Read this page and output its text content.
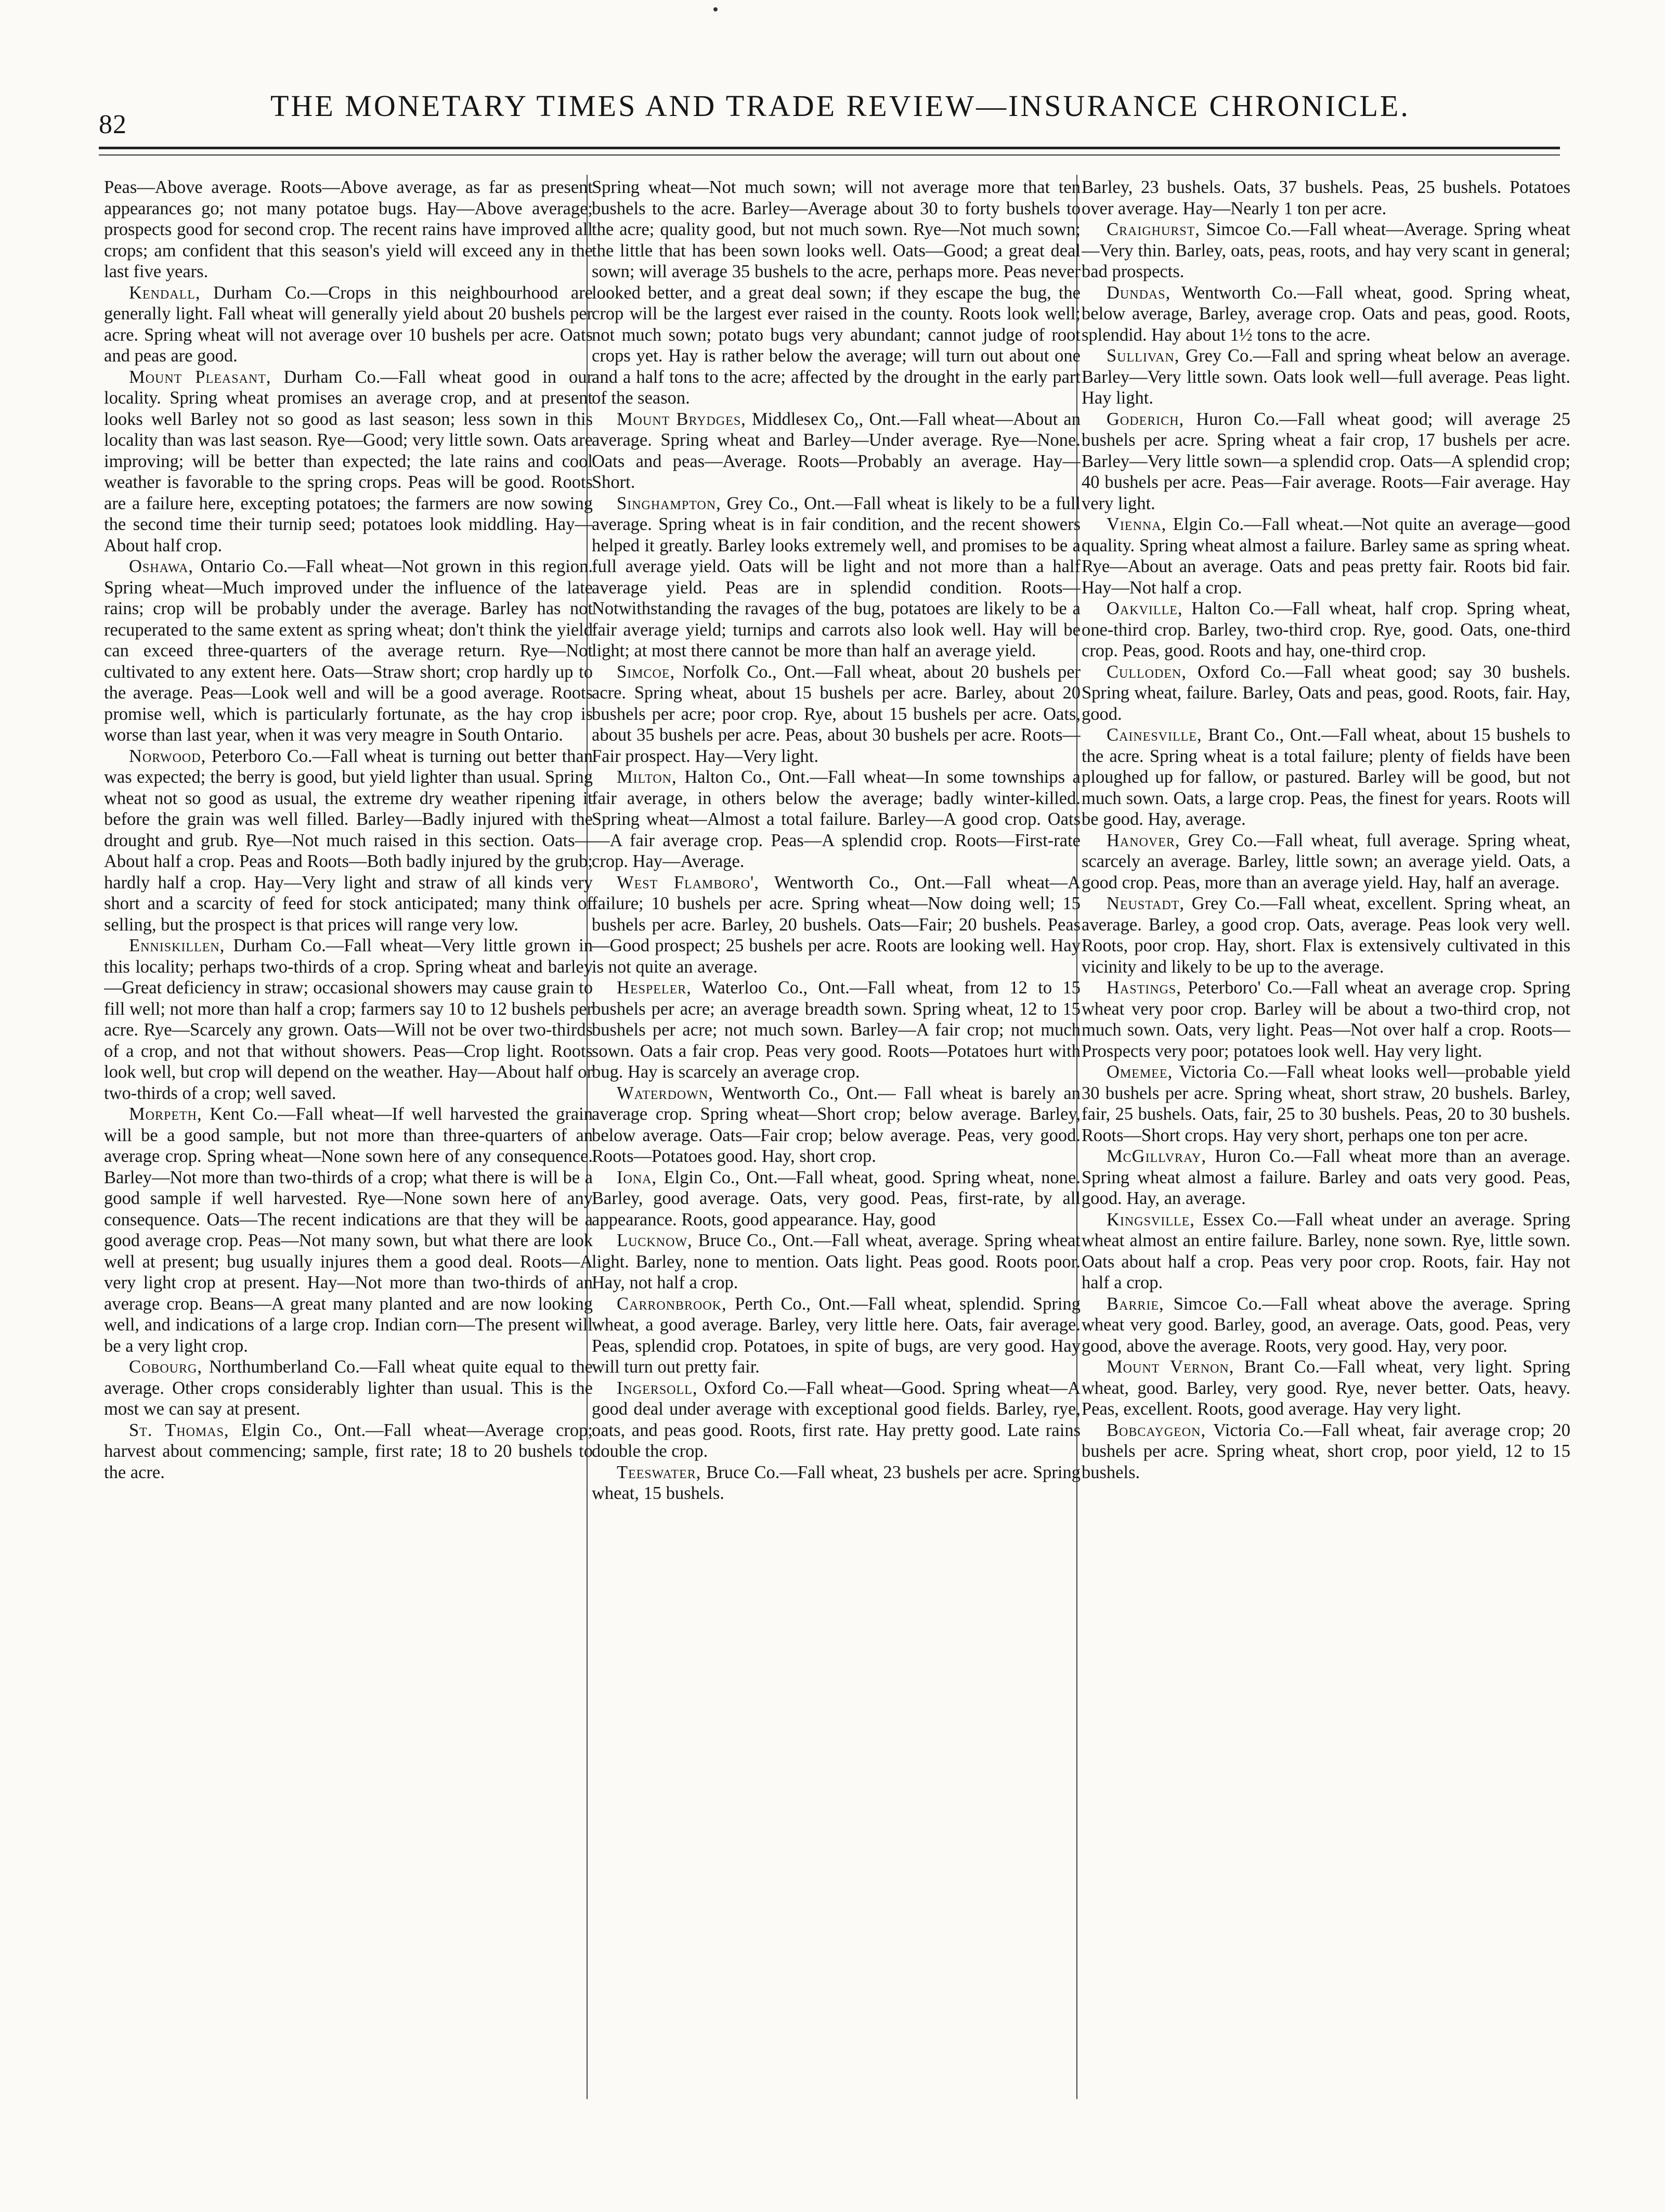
82
THE MONETARY TIMES AND TRADE REVIEW—INSURANCE CHRONICLE.

Peas—Above average. Roots—Above average, as far as present appearances go; not many potatoe bugs. Hay—Above average; prospects good for second crop. The recent rains have improved all crops; am confident that this season's yield will exceed any in the last five years.

Kendall, Durham Co.—Crops in this neighbourhood are generally light. Fall wheat will generally yield about 20 bushels per acre. Spring wheat will not average over 10 bushels per acre. Oats and peas are good.

Mount Pleasant, Durham Co.—Fall wheat good in our locality. Spring wheat promises an average crop, and at present looks well Barley not so good as last season; less sown in this locality than was last season. Rye—Good; very little sown. Oats are improving; will be better than expected; the late rains and cool weather is favorable to the spring crops. Peas will be good. Roots are a failure here, excepting potatoes; the farmers are now sowing the second time their turnip seed; potatoes look middling. Hay—About half crop.

Oshawa, Ontario Co.—Fall wheat—Not grown in this region. Spring wheat—Much improved under the influence of the late rains; crop will be probably under the average. Barley has not recuperated to the same extent as spring wheat; don't think the yield can exceed three-quarters of the average return. Rye—Not cultivated to any extent here. Oats—Straw short; crop hardly up to the average. Peas—Look well and will be a good average. Roots promise well, which is particularly fortunate, as the hay crop is worse than last year, when it was very meagre in South Ontario.

Norwood, Peterboro Co.—Fall wheat is turning out better than was expected; the berry is good, but yield lighter than usual. Spring wheat not so good as usual, the extreme dry weather ripening it before the grain was well filled. Barley—Badly injured with the drought and grub. Rye—Not much raised in this section. Oats—About half a crop. Peas and Roots—Both badly injured by the grub; hardly half a crop. Hay—Very light and straw of all kinds very short and a scarcity of feed for stock anticipated; many think of selling, but the prospect is that prices will range very low.

Enniskillen, Durham Co.—Fall wheat—Very little grown in this locality; perhaps two-thirds of a crop. Spring wheat and barley—Great deficiency in straw; occasional showers may cause grain to fill well; not more than half a crop; farmers say 10 to 12 bushels per acre. Rye—Scarcely any grown. Oats—Will not be over two-thirds of a crop, and not that without showers. Peas—Crop light. Roots look well, but crop will depend on the weather. Hay—About half or two-thirds of a crop; well saved.

Morpeth, Kent Co.—Fall wheat—If well harvested the grain will be a good sample, but not more than three-quarters of an average crop. Spring wheat—None sown here of any consequence. Barley—Not more than two-thirds of a crop; what there is will be a good sample if well harvested. Rye—None sown here of any consequence. Oats—The recent indications are that they will be a good average crop. Peas—Not many sown, but what there are look well at present; bug usually injures them a good deal. Roots—A very light crop at present. Hay—Not more than two-thirds of an average crop. Beans—A great many planted and are now looking well, and indications of a large crop. Indian corn—The present will be a very light crop.

Cobourg, Northumberland Co.—Fall wheat quite equal to the average. Other crops considerably lighter than usual. This is the most we can say at present.

St. Thomas, Elgin Co., Ont.—Fall wheat—Average crop; harvest about commencing; sample, first rate; 18 to 20 bushels to the acre.

Spring wheat—Not much sown; will not average more that ten bushels to the acre. Barley—Average about 30 to forty bushels to the acre; quality good, but not much sown. Rye—Not much sown; the little that has been sown looks well. Oats—Good; a great deal sown; will average 35 bushels to the acre, perhaps more. Peas never looked better, and a great deal sown; if they escape the bug, the crop will be the largest ever raised in the county. Roots look well; not much sown; potato bugs very abundant; cannot judge of root crops yet. Hay is rather below the average; will turn out about one and a half tons to the acre; affected by the drought in the early part of the season.

Mount Brydges, Middlesex Co,, Ont.—Fall wheat—About an average. Spring wheat and Barley—Under average. Rye—None. Oats and peas—Average. Roots—Probably an average. Hay—Short.

Singhampton, Grey Co., Ont.—Fall wheat is likely to be a full average. Spring wheat is in fair condition, and the recent showers helped it greatly. Barley looks extremely well, and promises to be a full average yield. Oats will be light and not more than a half average yield. Peas are in splendid condition. Roots—Notwithstanding the ravages of the bug, potatoes are likely to be a fair average yield; turnips and carrots also look well. Hay will be light; at most there cannot be more than half an average yield.

Simcoe, Norfolk Co., Ont.—Fall wheat, about 20 bushels per acre. Spring wheat, about 15 bushels per acre. Barley, about 20 bushels per acre; poor crop. Rye, about 15 bushels per acre. Oats, about 35 bushels per acre. Peas, about 30 bushels per acre. Roots—Fair prospect. Hay—Very light.

Milton, Halton Co., Ont.—Fall wheat—In some townships a fair average, in others below the average; badly winter-killed. Spring wheat—Almost a total failure. Barley—A good crop. Oats—A fair average crop. Peas—A splendid crop. Roots—First-rate crop. Hay—Average.

West Flamboro', Wentworth Co., Ont.—Fall wheat—A failure; 10 bushels per acre. Spring wheat—Now doing well; 15 bushels per acre. Barley, 20 bushels. Oats—Fair; 20 bushels. Peas—Good prospect; 25 bushels per acre. Roots are looking well. Hay is not quite an average.

Hespeler, Waterloo Co., Ont.—Fall wheat, from 12 to 15 bushels per acre; an average breadth sown. Spring wheat, 12 to 15 bushels per acre; not much sown. Barley—A fair crop; not much sown. Oats a fair crop. Peas very good. Roots—Potatoes hurt with bug. Hay is scarcely an average crop.

Waterdown, Wentworth Co., Ont.— Fall wheat is barely an average crop. Spring wheat—Short crop; below average. Barley, below average. Oats—Fair crop; below average. Peas, very good. Roots—Potatoes good. Hay, short crop.

Iona, Elgin Co., Ont.—Fall wheat, good. Spring wheat, none. Barley, good average. Oats, very good. Peas, first-rate, by all appearance. Roots, good appearance. Hay, good

Lucknow, Bruce Co., Ont.—Fall wheat, average. Spring wheat light. Barley, none to mention. Oats light. Peas good. Roots poor. Hay, not half a crop.

Carronbrook, Perth Co., Ont.—Fall wheat, splendid. Spring wheat, a good average. Barley, very little here. Oats, fair average. Peas, splendid crop. Potatoes, in spite of bugs, are very good. Hay will turn out pretty fair.

Ingersoll, Oxford Co.—Fall wheat—Good. Spring wheat—A good deal under average with exceptional good fields. Barley, rye, oats, and peas good. Roots, first rate. Hay pretty good. Late rains double the crop.

Teeswater, Bruce Co.—Fall wheat, 23 bushels per acre. Spring wheat, 15 bushels.

Barley, 23 bushels. Oats, 37 bushels. Peas, 25 bushels. Potatoes over average. Hay—Nearly 1 ton per acre.

Craighurst, Simcoe Co.—Fall wheat—Average. Spring wheat—Very thin. Barley, oats, peas, roots, and hay very scant in general; bad prospects.

Dundas, Wentworth Co.—Fall wheat, good. Spring wheat, below average, Barley, average crop. Oats and peas, good. Roots, splendid. Hay about 1½ tons to the acre.

Sullivan, Grey Co.—Fall and spring wheat below an average. Barley—Very little sown. Oats look well—full average. Peas light. Hay light.

Goderich, Huron Co.—Fall wheat good; will average 25 bushels per acre. Spring wheat a fair crop, 17 bushels per acre. Barley—Very little sown—a splendid crop. Oats—A splendid crop; 40 bushels per acre. Peas—Fair average. Roots—Fair average. Hay very light.

Vienna, Elgin Co.—Fall wheat.—Not quite an average—good quality. Spring wheat almost a failure. Barley same as spring wheat. Rye—About an average. Oats and peas pretty fair. Roots bid fair. Hay—Not half a crop.

Oakville, Halton Co.—Fall wheat, half crop. Spring wheat, one-third crop. Barley, two-third crop. Rye, good. Oats, one-third crop. Peas, good. Roots and hay, one-third crop.

Culloden, Oxford Co.—Fall wheat good; say 30 bushels. Spring wheat, failure. Barley, Oats and peas, good. Roots, fair. Hay, good.

Cainesville, Brant Co., Ont.—Fall wheat, about 15 bushels to the acre. Spring wheat is a total failure; plenty of fields have been ploughed up for fallow, or pastured. Barley will be good, but not much sown. Oats, a large crop. Peas, the finest for years. Roots will be good. Hay, average.

Hanover, Grey Co.—Fall wheat, full average. Spring wheat, scarcely an average. Barley, little sown; an average yield. Oats, a good crop. Peas, more than an average yield. Hay, half an average.

Neustadt, Grey Co.—Fall wheat, excellent. Spring wheat, an average. Barley, a good crop. Oats, average. Peas look very well. Roots, poor crop. Hay, short. Flax is extensively cultivated in this vicinity and likely to be up to the average.

Hastings, Peterboro' Co.—Fall wheat an average crop. Spring wheat very poor crop. Barley will be about a two-third crop, not much sown. Oats, very light. Peas—Not over half a crop. Roots—Prospects very poor; potatoes look well. Hay very light.

Omemee, Victoria Co.—Fall wheat looks well—probable yield 30 bushels per acre. Spring wheat, short straw, 20 bushels. Barley, fair, 25 bushels. Oats, fair, 25 to 30 bushels. Peas, 20 to 30 bushels. Roots—Short crops. Hay very short, perhaps one ton per acre.

McGillvray, Huron Co.—Fall wheat more than an average. Spring wheat almost a failure. Barley and oats very good. Peas, good. Hay, an average.

Kingsville, Essex Co.—Fall wheat under an average. Spring wheat almost an entire failure. Barley, none sown. Rye, little sown. Oats about half a crop. Peas very poor crop. Roots, fair. Hay not half a crop.

Barrie, Simcoe Co.—Fall wheat above the average. Spring wheat very good. Barley, good, an average. Oats, good. Peas, very good, above the average. Roots, very good. Hay, very poor.

Mount Vernon, Brant Co.—Fall wheat, very light. Spring wheat, good. Barley, very good. Rye, never better. Oats, heavy. Peas, excellent. Roots, good average. Hay very light.

Bobcaygeon, Victoria Co.—Fall wheat, fair average crop; 20 bushels per acre. Spring wheat, short crop, poor yield, 12 to 15 bushels.
